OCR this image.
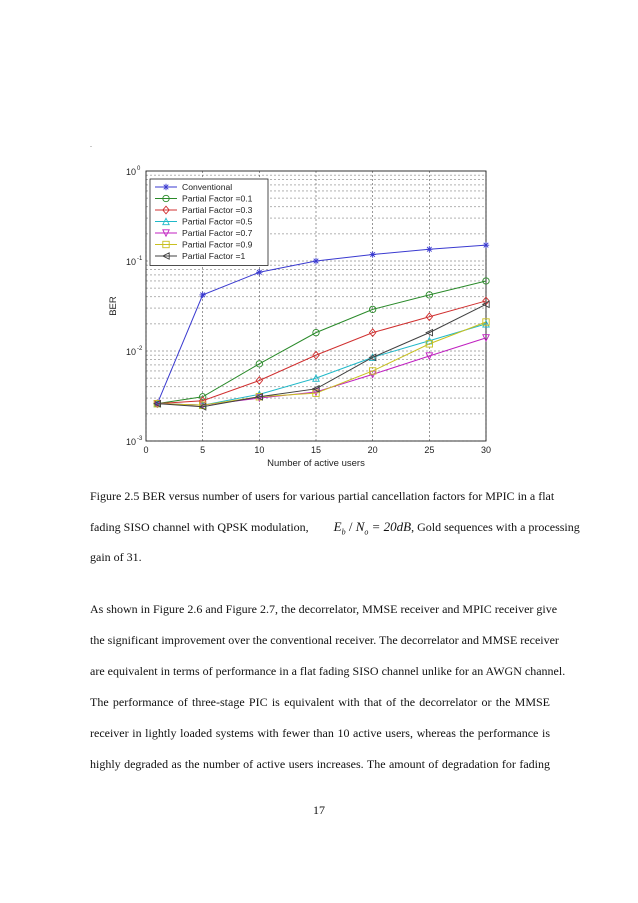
.
0	5	10	15	20	25	30
10 0
10 -1
10 -2
10 -3
Number of active users
BER
Conventional
Partial Factor =0.1
Partial Factor =0.3
Partial Factor =0.5
Partial Factor =0.7
Partial Factor =0.9
Partial Factor =1
Figure 2.5 BER versus number of users for various partial cancellation factors for MPIC in a flat
fading SISO channel with QPSK modulation, $E_b / N_o = 20dB$, Gold sequences with a processing
gain of 31.
As shown in Figure 2.6 and Figure 2.7, the decorrelator, MMSE receiver and MPIC receiver give
the significant improvement over the conventional receiver. The decorrelator and MMSE receiver
are equivalent in terms of performance in a flat fading SISO channel unlike for an AWGN channel.
The performance of three-stage PIC is equivalent with that of the decorrelator or the MMSE
receiver in lightly loaded systems with fewer than 10 active users, whereas the performance is
highly degraded as the number of active users increases. The amount of degradation for fading
17
